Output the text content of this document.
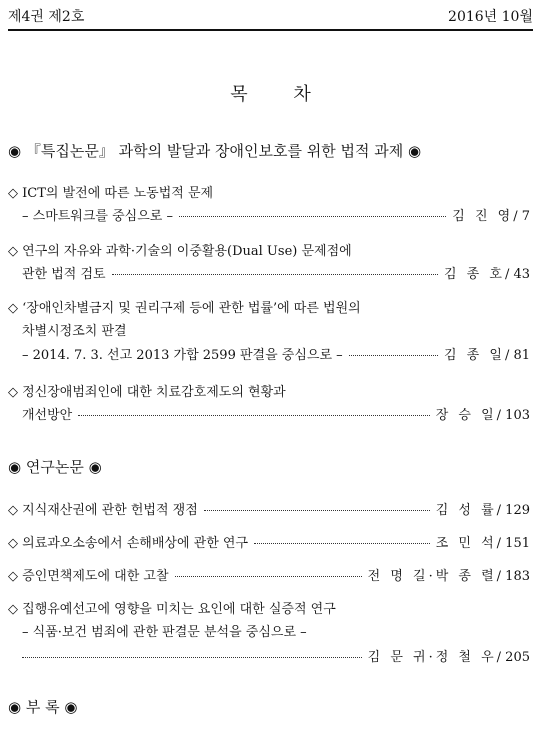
제4권 제2호	2016년 10월
목 차
◉ 『특집논문』 과학의 발달과 장애인보호를 위한 법적 과제 ◉
◇ ICT의 발전에 따른 노동법적 문제
– 스마트워크를 중심으로 –	김 진 영 / 7
◇ 연구의 자유와 과학·기술의 이중활용(Dual Use) 문제점에
관한 법적 검토	김 종 호 / 43
◇ ‘장애인차별금지 및 권리구제 등에 관한 법률’에 따른 법원의
차별시정조치 판결
– 2014. 7. 3. 선고 2013 가합 2599 판결을 중심으로 –	김 종 일 / 81
◇ 정신장애범죄인에 대한 치료감호제도의 현황과
개선방안	장 승 일 / 103
◉ 연구논문 ◉
◇ 지식재산권에 관한 헌법적 쟁점	김 성 률 / 129
◇ 의료과오소송에서 손해배상에 관한 연구	조 민 석 / 151
◇ 증인면책제도에 대한 고찰	전 명 길·박 종 렬 / 183
◇ 집행유예선고에 영향을 미치는 요인에 대한 실증적 연구
– 식품·보건 범죄에 관한 판결문 분석을 중심으로 –
김 문 귀·정 철 우 / 205
◉ 부 록 ◉
